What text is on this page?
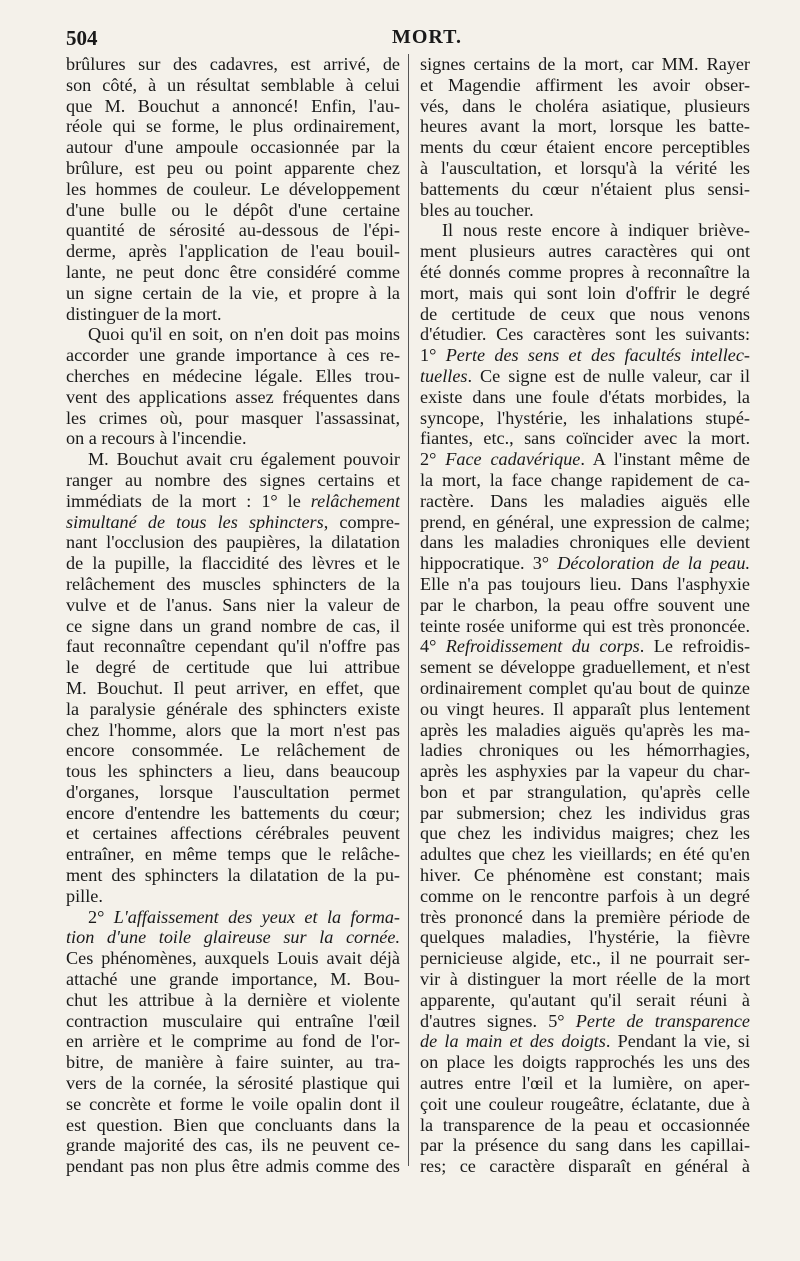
504	MORT.
brûlures sur des cadavres, est arrivé, de
son côté, à un résultat semblable à celui
que M. Bouchut a annoncé! Enfin, l'au-
réole qui se forme, le plus ordinairement,
autour d'une ampoule occasionnée par la
brûlure, est peu ou point apparente chez
les hommes de couleur. Le développement
d'une bulle ou le dépôt d'une certaine
quantité de sérosité au-dessous de l'épi-
derme, après l'application de l'eau bouil-
lante, ne peut donc être considéré comme
un signe certain de la vie, et propre à la
distinguer de la mort.
Quoi qu'il en soit, on n'en doit pas moins
accorder une grande importance à ces re-
cherches en médecine légale. Elles trou-
vent des applications assez fréquentes dans
les crimes où, pour masquer l'assassinat,
on a recours à l'incendie.
M. Bouchut avait cru également pouvoir
ranger au nombre des signes certains et
immédiats de la mort : 1° le relâchement
simultané de tous les sphincters, compre-
nant l'occlusion des paupières, la dilatation
de la pupille, la flaccidité des lèvres et le
relâchement des muscles sphincters de la
vulve et de l'anus. Sans nier la valeur de
ce signe dans un grand nombre de cas, il
faut reconnaître cependant qu'il n'offre pas
le degré de certitude que lui attribue
M. Bouchut. Il peut arriver, en effet, que
la paralysie générale des sphincters existe
chez l'homme, alors que la mort n'est pas
encore consommée. Le relâchement de
tous les sphincters a lieu, dans beaucoup
d'organes, lorsque l'auscultation permet
encore d'entendre les battements du cœur;
et certaines affections cérébrales peuvent
entraîner, en même temps que le relâche-
ment des sphincters la dilatation de la pu-
pille.
2° L'affaissement des yeux et la forma-
tion d'une toile glaireuse sur la cornée.
Ces phénomènes, auxquels Louis avait déjà
attaché une grande importance, M. Bou-
chut les attribue à la dernière et violente
contraction musculaire qui entraîne l'œil
en arrière et le comprime au fond de l'or-
bitre, de manière à faire suinter, au tra-
vers de la cornée, la sérosité plastique qui
se concrète et forme le voile opalin dont il
est question. Bien que concluants dans la
grande majorité des cas, ils ne peuvent ce-
pendant pas non plus être admis comme des
signes certains de la mort, car MM. Rayer
et Magendie affirment les avoir obser-
vés, dans le choléra asiatique, plusieurs
heures avant la mort, lorsque les batte-
ments du cœur étaient encore perceptibles
à l'auscultation, et lorsqu'à la vérité les
battements du cœur n'étaient plus sensi-
bles au toucher.
Il nous reste encore à indiquer briève-
ment plusieurs autres caractères qui ont
été donnés comme propres à reconnaître la
mort, mais qui sont loin d'offrir le degré
de certitude de ceux que nous venons
d'étudier. Ces caractères sont les suivants:
1° Perte des sens et des facultés intellec-
tuelles. Ce signe est de nulle valeur, car il
existe dans une foule d'états morbides, la
syncope, l'hystérie, les inhalations stupé-
fiantes, etc., sans coïncider avec la mort.
2° Face cadavérique. A l'instant même de
la mort, la face change rapidement de ca-
ractère. Dans les maladies aiguës elle
prend, en général, une expression de calme;
dans les maladies chroniques elle devient
hippocratique. 3° Décoloration de la peau.
Elle n'a pas toujours lieu. Dans l'asphyxie
par le charbon, la peau offre souvent une
teinte rosée uniforme qui est très prononcée.
4° Refroidissement du corps. Le refroidis-
sement se développe graduellement, et n'est
ordinairement complet qu'au bout de quinze
ou vingt heures. Il apparaît plus lentement
après les maladies aiguës qu'après les ma-
ladies chroniques ou les hémorrhagies,
après les asphyxies par la vapeur du char-
bon et par strangulation, qu'après celle
par submersion; chez les individus gras
que chez les individus maigres; chez les
adultes que chez les vieillards; en été qu'en
hiver. Ce phénomène est constant; mais
comme on le rencontre parfois à un degré
très prononcé dans la première période de
quelques maladies, l'hystérie, la fièvre
pernicieuse algide, etc., il ne pourrait ser-
vir à distinguer la mort réelle de la mort
apparente, qu'autant qu'il serait réuni à
d'autres signes. 5° Perte de transparence
de la main et des doigts. Pendant la vie, si
on place les doigts rapprochés les uns des
autres entre l'œil et la lumière, on aper-
çoit une couleur rougeâtre, éclatante, due à
la transparence de la peau et occasionnée
par la présence du sang dans les capillai-
res; ce caractère disparaît en général à
